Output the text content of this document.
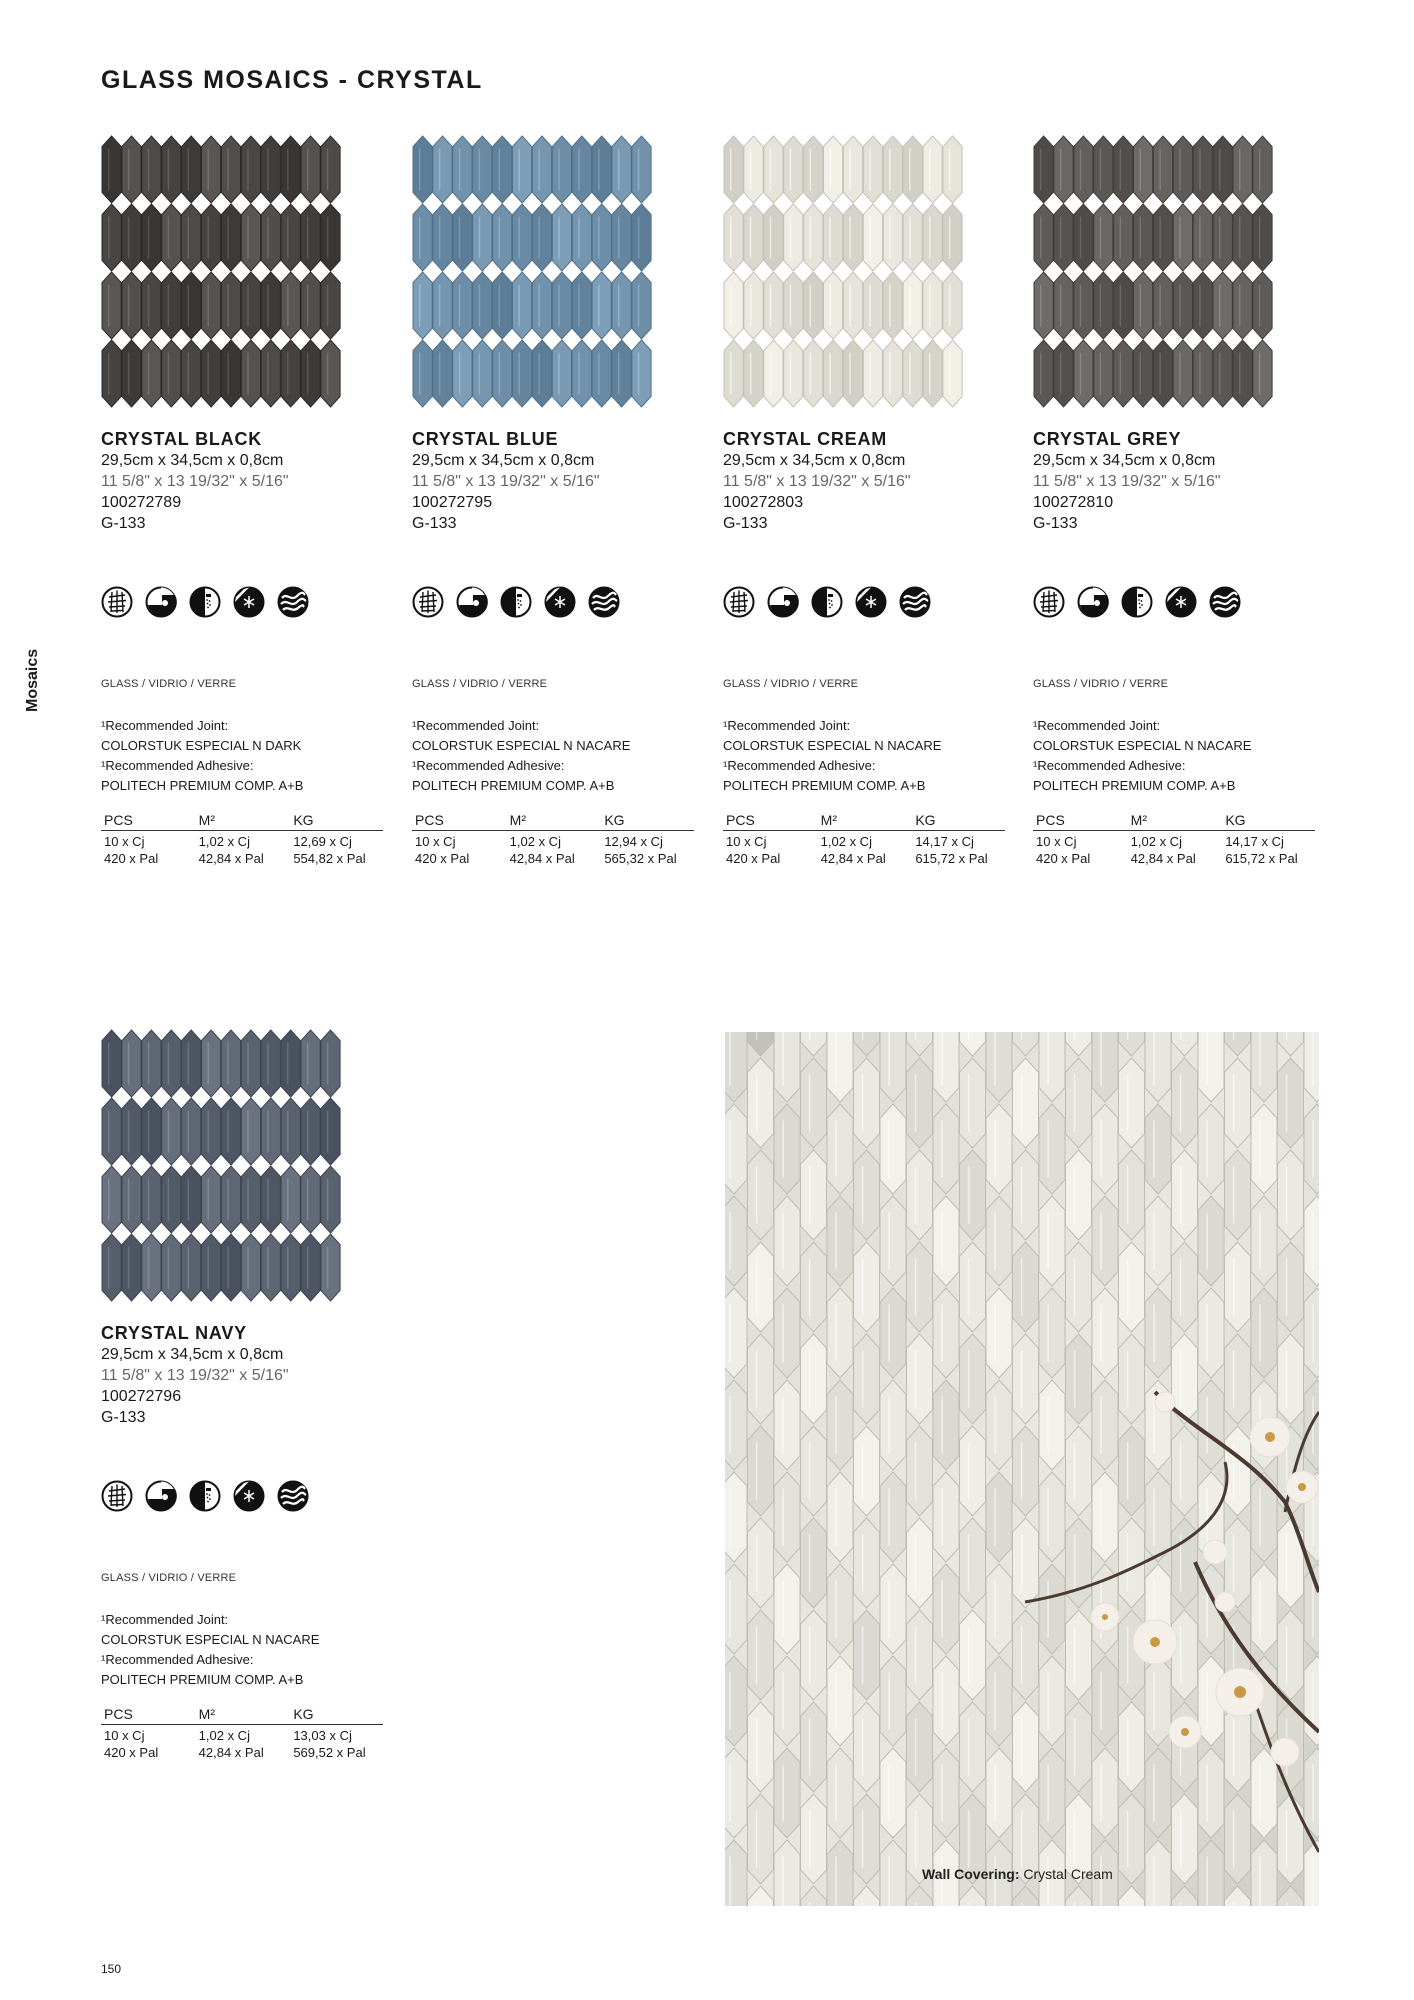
GLASS MOSAICS - CRYSTAL
Mosaics
CRYSTAL BLACK
29,5cm x 34,5cm x 0,8cm
11 5/8" x 13 19/32" x 5/16"
100272789
G-133
GLASS / VIDRIO / VERRE
¹Recommended Joint:
COLORSTUK ESPECIAL N DARK
¹Recommended Adhesive:
POLITECH PREMIUM COMP. A+B
PCS	M²	KG
10 x Cj	1,02 x Cj	12,69 x Cj
420 x Pal	42,84 x Pal	554,82 x Pal
CRYSTAL BLUE
29,5cm x 34,5cm x 0,8cm
11 5/8" x 13 19/32" x 5/16"
100272795
G-133
GLASS / VIDRIO / VERRE
¹Recommended Joint:
COLORSTUK ESPECIAL N NACARE
¹Recommended Adhesive:
POLITECH PREMIUM COMP. A+B
PCS	M²	KG
10 x Cj	1,02 x Cj	12,94 x Cj
420 x Pal	42,84 x Pal	565,32 x Pal
CRYSTAL CREAM
29,5cm x 34,5cm x 0,8cm
11 5/8" x 13 19/32" x 5/16"
100272803
G-133
GLASS / VIDRIO / VERRE
¹Recommended Joint:
COLORSTUK ESPECIAL N NACARE
¹Recommended Adhesive:
POLITECH PREMIUM COMP. A+B
PCS	M²	KG
10 x Cj	1,02 x Cj	14,17 x Cj
420 x Pal	42,84 x Pal	615,72 x Pal
CRYSTAL GREY
29,5cm x 34,5cm x 0,8cm
11 5/8" x 13 19/32" x 5/16"
100272810
G-133
GLASS / VIDRIO / VERRE
¹Recommended Joint:
COLORSTUK ESPECIAL N NACARE
¹Recommended Adhesive:
POLITECH PREMIUM COMP. A+B
PCS	M²	KG
10 x Cj	1,02 x Cj	14,17 x Cj
420 x Pal	42,84 x Pal	615,72 x Pal
CRYSTAL NAVY
29,5cm x 34,5cm x 0,8cm
11 5/8" x 13 19/32" x 5/16"
100272796
G-133
GLASS / VIDRIO / VERRE
¹Recommended Joint:
COLORSTUK ESPECIAL N NACARE
¹Recommended Adhesive:
POLITECH PREMIUM COMP. A+B
PCS	M²	KG
10 x Cj	1,02 x Cj	13,03 x Cj
420 x Pal	42,84 x Pal	569,52 x Pal
Wall Covering: Crystal Cream
150
